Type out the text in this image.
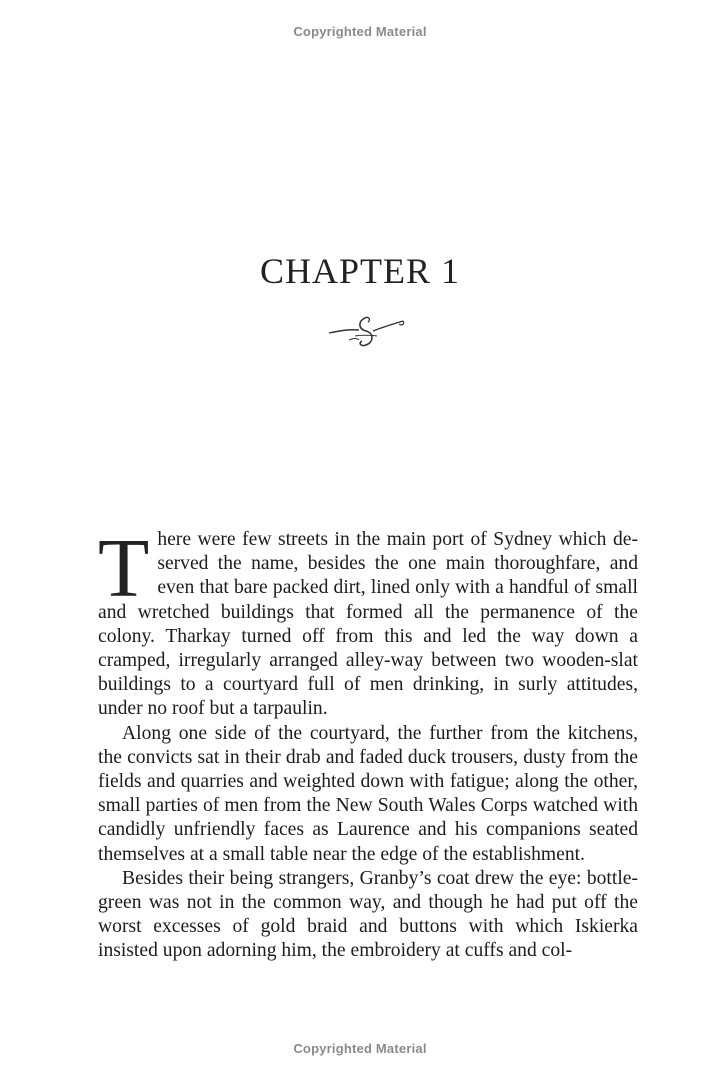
Copyrighted Material
CHAPTER 1

There were few streets in the main port of Sydney which deserved the name, besides the one main thoroughfare, and even that bare packed dirt, lined only with a handful of small and wretched buildings that formed all the permanence of the colony. Tharkay turned off from this and led the way down a cramped, irregularly arranged alley-way between two wooden-slat buildings to a courtyard full of men drinking, in surly attitudes, under no roof but a tarpaulin.

Along one side of the courtyard, the further from the kitchens, the convicts sat in their drab and faded duck trousers, dusty from the fields and quarries and weighted down with fatigue; along the other, small parties of men from the New South Wales Corps watched with candidly unfriendly faces as Laurence and his companions seated themselves at a small table near the edge of the establishment.

Besides their being strangers, Granby’s coat drew the eye: bottle-green was not in the common way, and though he had put off the worst excesses of gold braid and buttons with which Iskierka insisted upon adorning him, the embroidery at cuffs and col-

Copyrighted Material
